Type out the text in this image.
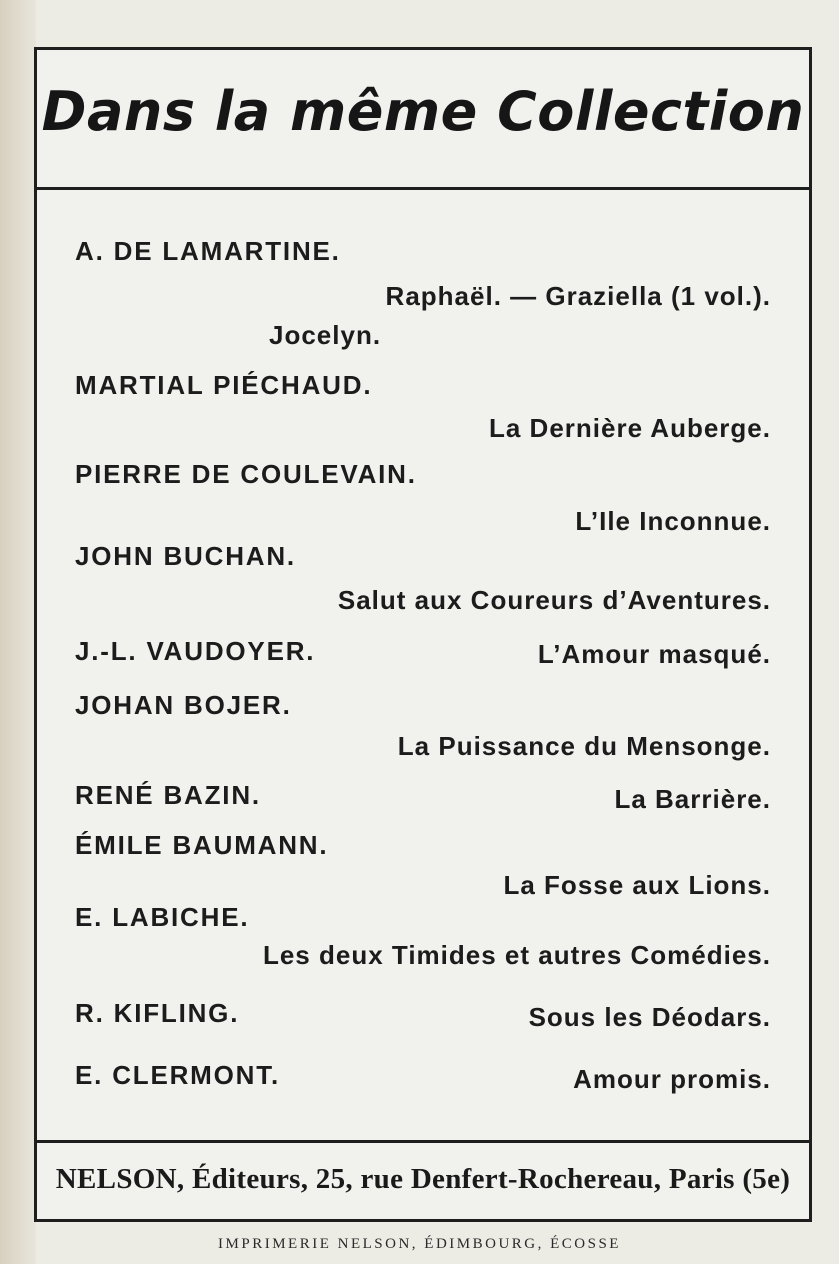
Dans la même Collection
A. DE LAMARTINE.
Raphaël. — Graziella (1 vol.).
Jocelyn.
MARTIAL PIÉCHAUD.
La Dernière Auberge.
PIERRE DE COULEVAIN.
L’Ile Inconnue.
JOHN BUCHAN.
Salut aux Coureurs d’Aventures.
J.-L. VAUDOYER.	L’Amour masqué.
JOHAN BOJER.
La Puissance du Mensonge.
RENÉ BAZIN.	La Barrière.
ÉMILE BAUMANN.
La Fosse aux Lions.
E. LABICHE.
Les deux Timides et autres Comédies.
R. KIFLING.	Sous les Déodars.
E. CLERMONT.	Amour promis.
NELSON, Éditeurs, 25, rue Denfert-Rochereau, Paris (5e)
IMPRIMERIE NELSON, ÉDIMBOURG, ÉCOSSE
